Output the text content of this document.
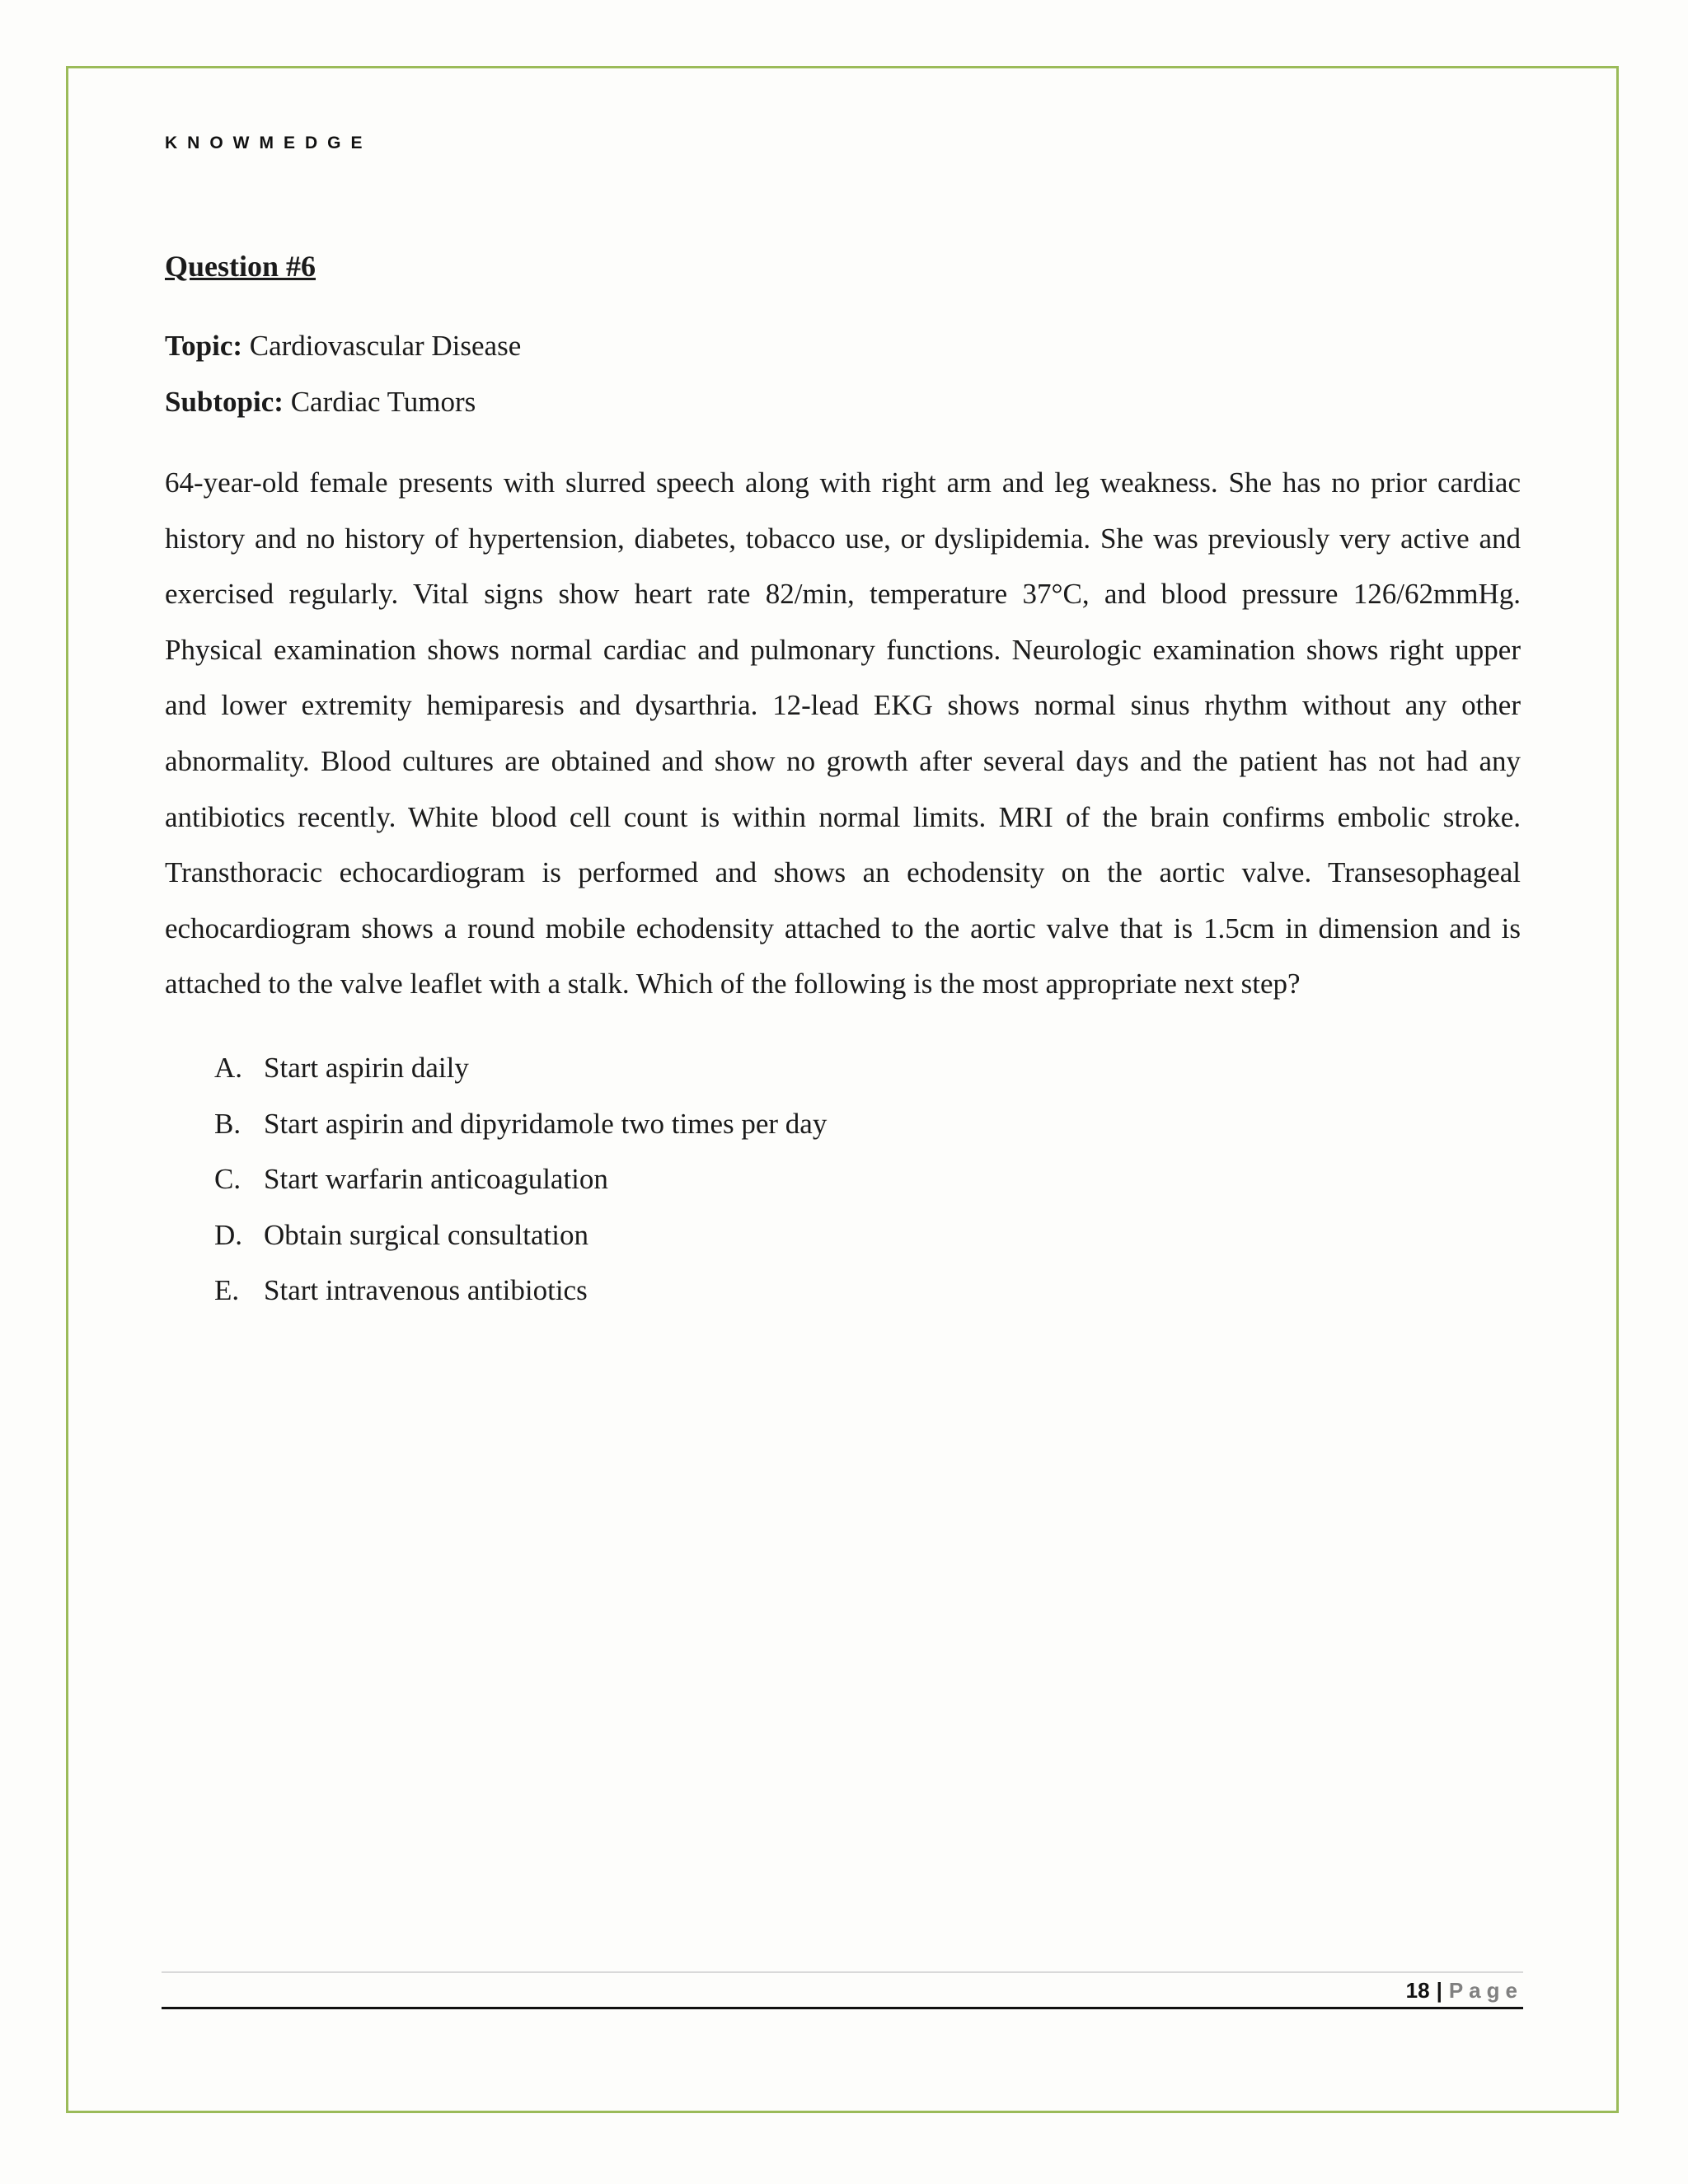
KNOWMEDGE
Question #6

Topic: Cardiovascular Disease

Subtopic: Cardiac Tumors

64-year-old female presents with slurred speech along with right arm and leg weakness. She has no prior cardiac history and no history of hypertension, diabetes, tobacco use, or dyslipidemia. She was previously very active and exercised regularly. Vital signs show heart rate 82/min, temperature 37°C, and blood pressure 126/62mmHg. Physical examination shows normal cardiac and pulmonary functions. Neurologic examination shows right upper and lower extremity hemiparesis and dysarthria. 12-lead EKG shows normal sinus rhythm without any other abnormality. Blood cultures are obtained and show no growth after several days and the patient has not had any antibiotics recently. White blood cell count is within normal limits. MRI of the brain confirms embolic stroke. Transthoracic echocardiogram is performed and shows an echodensity on the aortic valve. Transesophageal echocardiogram shows a round mobile echodensity attached to the aortic valve that is 1.5cm in dimension and is attached to the valve leaflet with a stalk. Which of the following is the most appropriate next step?
A. Start aspirin daily
B. Start aspirin and dipyridamole two times per day
C. Start warfarin anticoagulation
D. Obtain surgical consultation
E. Start intravenous antibiotics
18 | Page
